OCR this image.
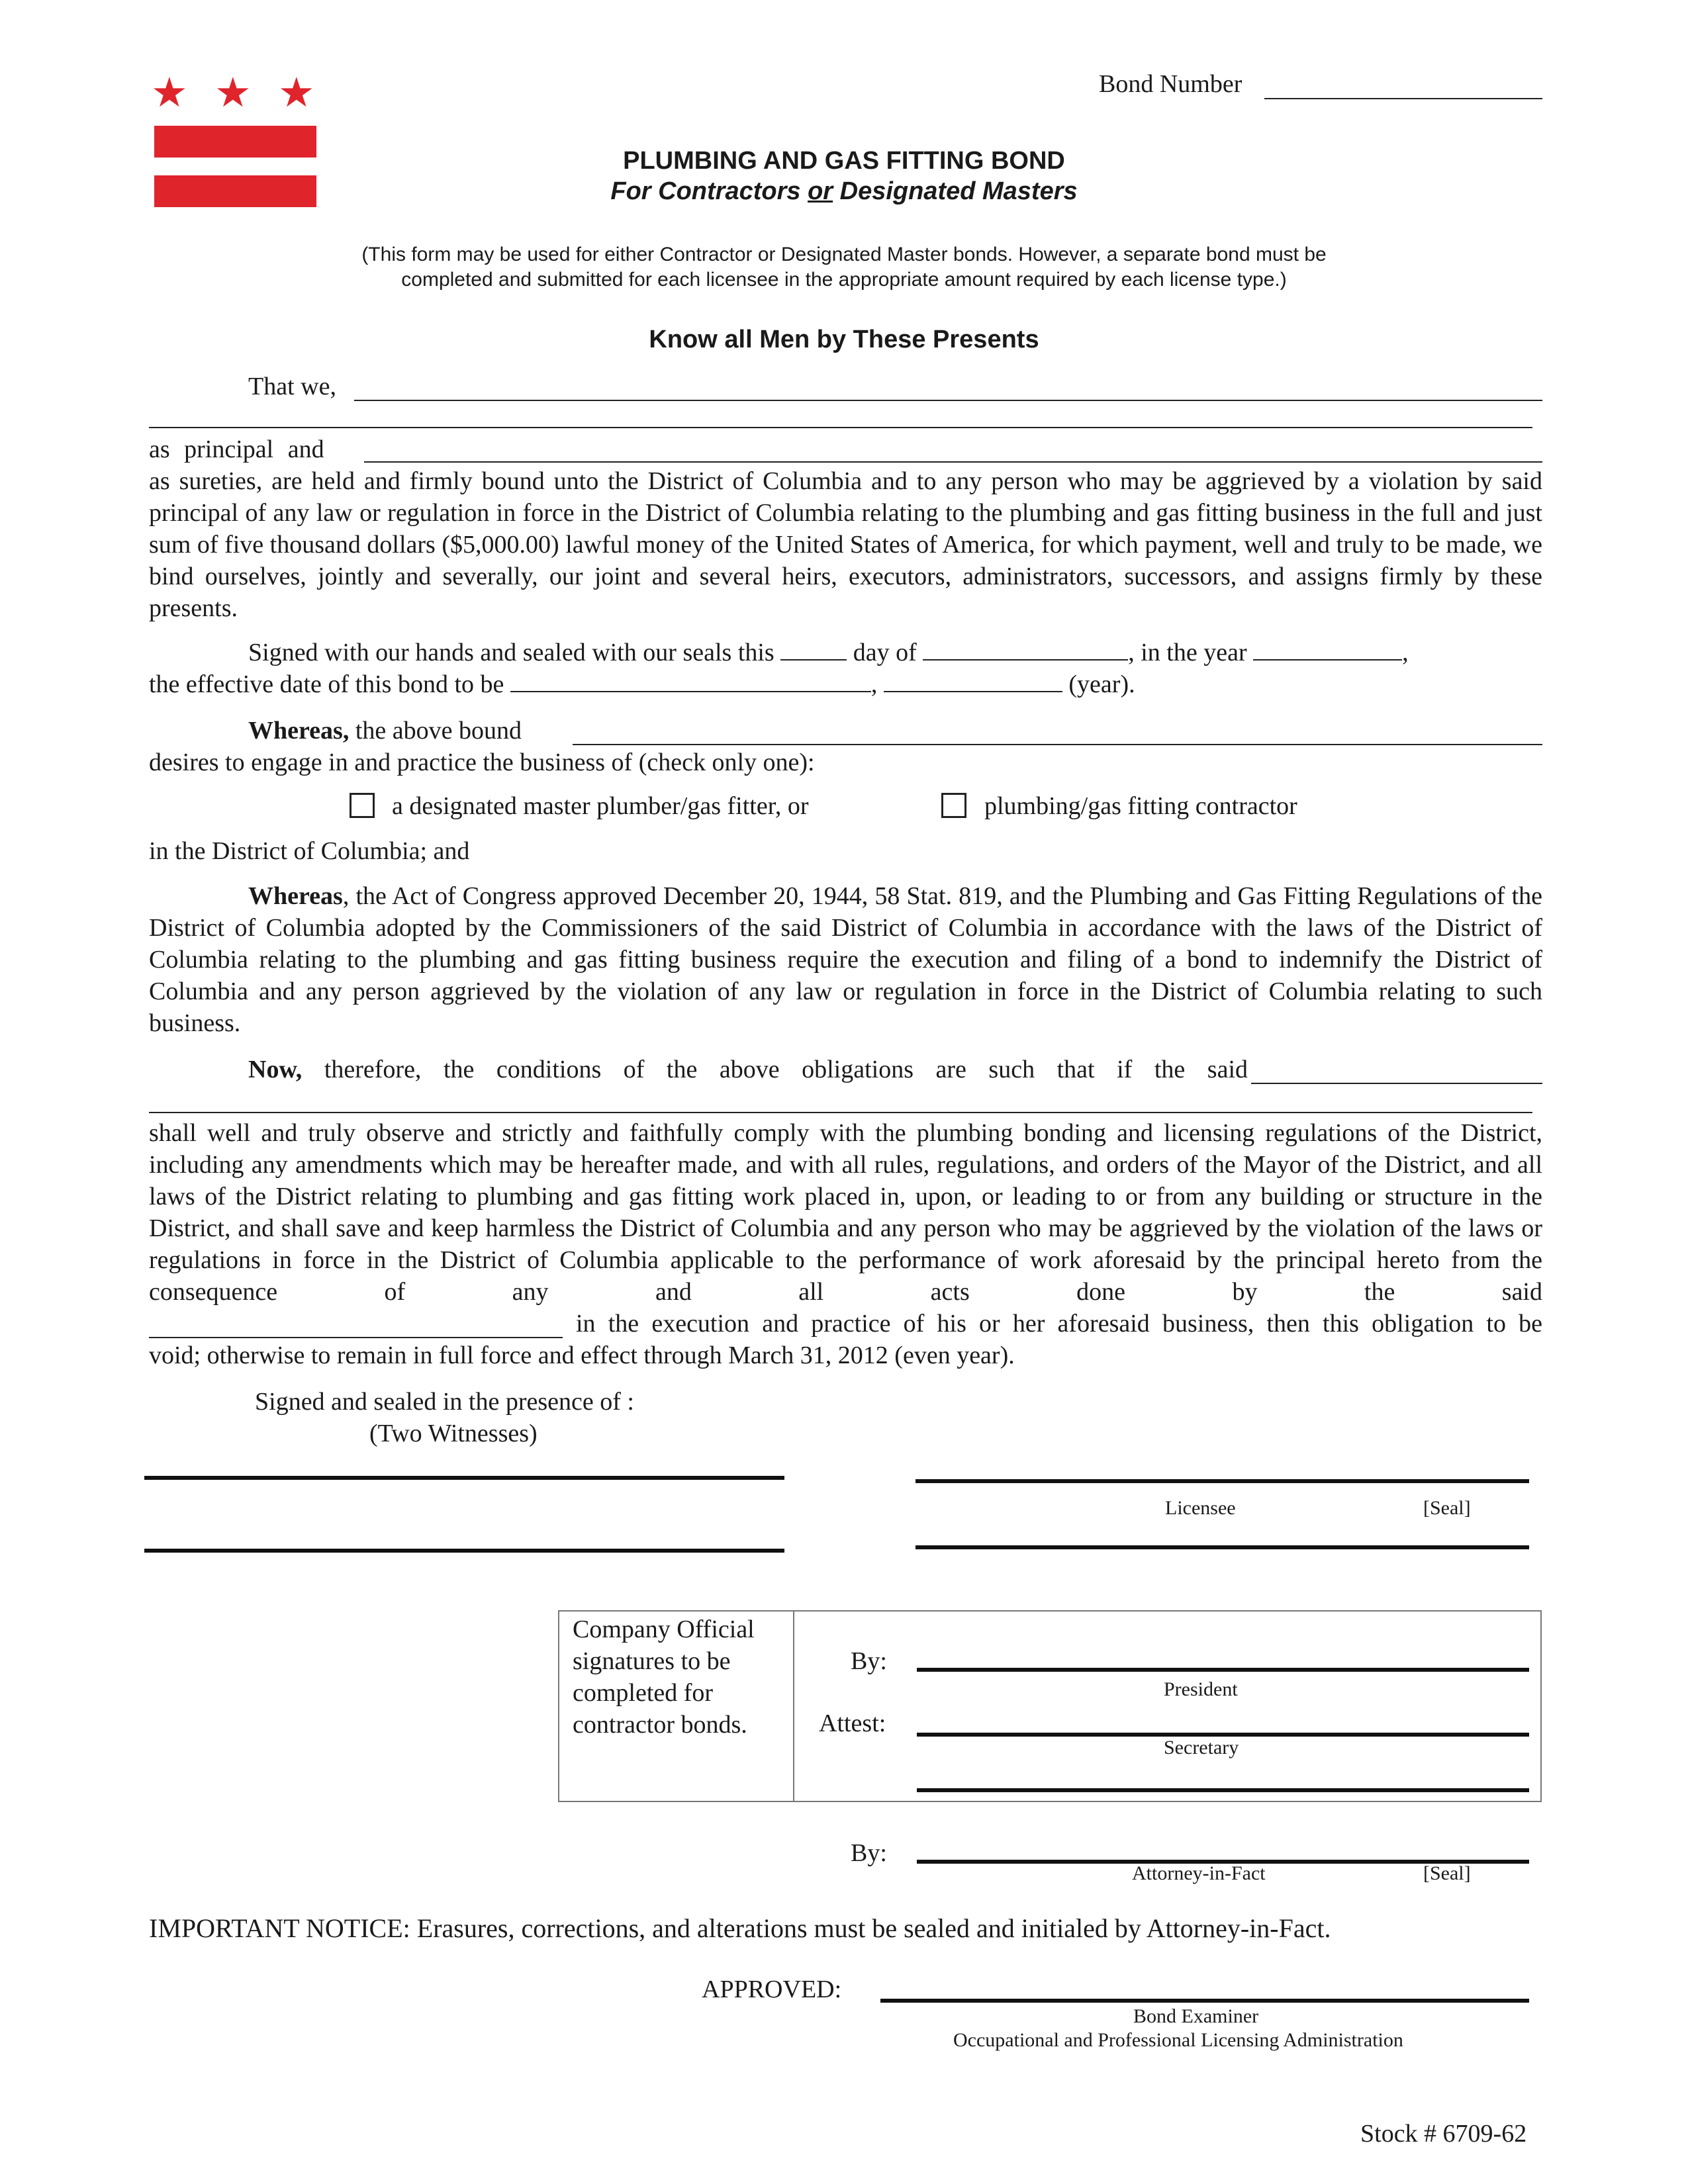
★ ★ ★	Bond Number
PLUMBING AND GAS FITTING BOND
For Contractors or Designated Masters
(This form may be used for either Contractor or Designated Master bonds. However, a separate bond must be
completed and submitted for each licensee in the appropriate amount required by each license type.)
Know all Men by These Presents
That we,
as principal and
as sureties, are held and firmly bound unto the District of Columbia and to any person who may be aggrieved by a violation by said principal of any law or regulation in force in the District of Columbia relating to the plumbing and gas fitting business in the full and just sum of five thousand dollars ($5,000.00) lawful money of the United States of America, for which payment, well and truly to be made, we bind ourselves, jointly and severally, our joint and several heirs, executors, administrators, successors, and assigns firmly by these presents.
Signed with our hands and sealed with our seals this	day of	, in the year	,
the effective date of this bond to be	,	(year).
Whereas, the above bound
desires to engage in and practice the business of (check only one):
a designated master plumber/gas fitter, or	plumbing/gas fitting contractor
in the District of Columbia; and
Whereas, the Act of Congress approved December 20, 1944, 58 Stat. 819, and the Plumbing and Gas Fitting Regulations of the District of Columbia adopted by the Commissioners of the said District of Columbia in accordance with the laws of the District of Columbia relating to the plumbing and gas fitting business require the execution and filing of a bond to indemnify the District of Columbia and any person aggrieved by the violation of any law or regulation in force in the District of Columbia relating to such business.
Now, therefore, the conditions of the above obligations are such that if the said
shall well and truly observe and strictly and faithfully comply with the plumbing bonding and licensing regulations of the District, including any amendments which may be hereafter made, and with all rules, regulations, and orders of the Mayor of the District, and all laws of the District relating to plumbing and gas fitting work placed in, upon, or leading to or from any building or structure in the District, and shall save and keep harmless the District of Columbia and any person who may be aggrieved by the violation of the laws or regulations in force in the District of Columbia applicable to the performance of work aforesaid by the principal hereto from the consequence of any and all acts done by the said
in the execution and practice of his or her aforesaid business, then this obligation to be
void; otherwise to remain in full force and effect through March 31, 2012 (even year).
Signed and sealed in the presence of :
(Two Witnesses)
Licensee	[Seal]
Company Official
signatures to be
completed for
contractor bonds.
By:
President
Attest:
Secretary
By:
Attorney-in-Fact	[Seal]
IMPORTANT NOTICE: Erasures, corrections, and alterations must be sealed and initialed by Attorney-in-Fact.
APPROVED:
Bond Examiner
Occupational and Professional Licensing Administration
Stock # 6709-62
